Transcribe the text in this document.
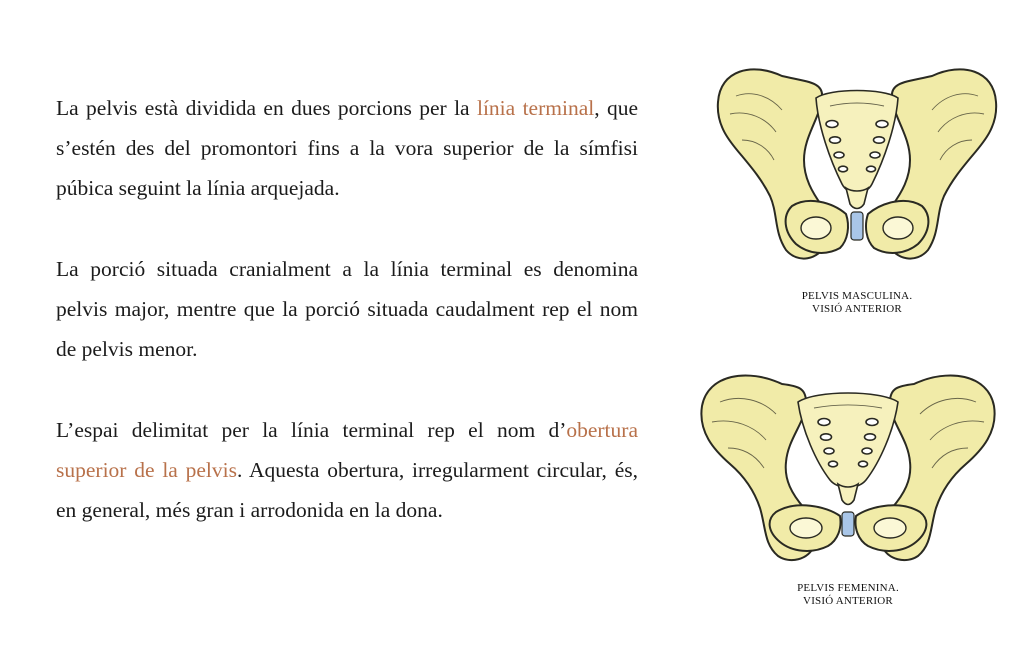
La pelvis està dividida en dues porcions per la línia terminal, que s’estén des del promontori fins a la vora superior de la símfisi púbica seguint la línia arquejada.

La porció situada cranialment a la línia terminal es denomina pelvis major, mentre que la porció situada caudalment rep el nom de pelvis menor.

L’espai delimitat per la línia terminal rep el nom d’obertura superior de la pelvis. Aquesta obertura, irregularment circular, és, en general, més gran i arrodonida en la dona.

PELVIS MASCULINA.
VISIÓ ANTERIOR
PELVIS FEMENINA.
VISIÓ ANTERIOR
